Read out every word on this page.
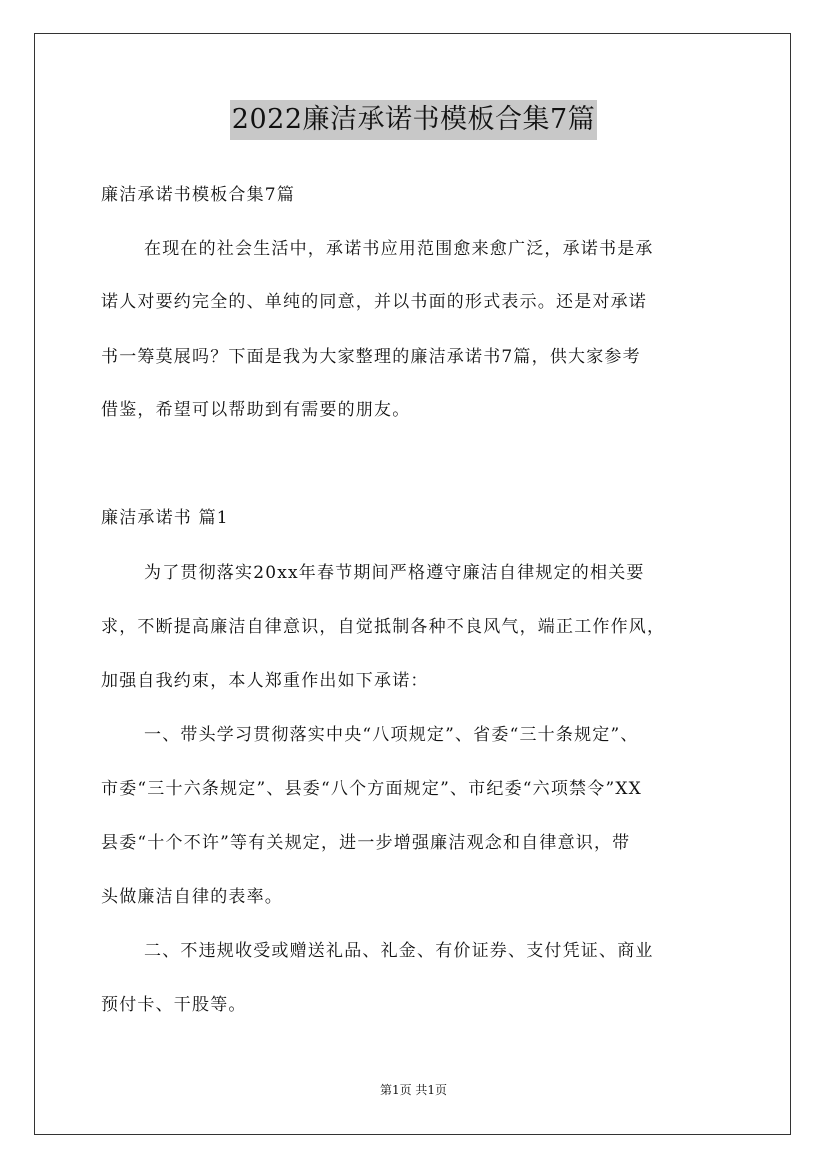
2022廉洁承诺书模板合集7篇
廉洁承诺书模板合集7篇
在现在的社会生活中，承诺书应用范围愈来愈广泛，承诺书是承
诺人对要约完全的、单纯的同意，并以书面的形式表示。还是对承诺
书一筹莫展吗？下面是我为大家整理的廉洁承诺书7篇，供大家参考
借鉴，希望可以帮助到有需要的朋友。
廉洁承诺书 篇1
为了贯彻落实20xx年春节期间严格遵守廉洁自律规定的相关要
求，不断提高廉洁自律意识，自觉抵制各种不良风气，端正工作作风，
加强自我约束，本人郑重作出如下承诺：
一、带头学习贯彻落实中央“八项规定”、省委“三十条规定”、
市委“三十六条规定”、县委“八个方面规定”、市纪委“六项禁令”XX
县委“十个不许”等有关规定，进一步增强廉洁观念和自律意识，带
头做廉洁自律的表率。
二、不违规收受或赠送礼品、礼金、有价证券、支付凭证、商业
预付卡、干股等。
第1页 共1页
